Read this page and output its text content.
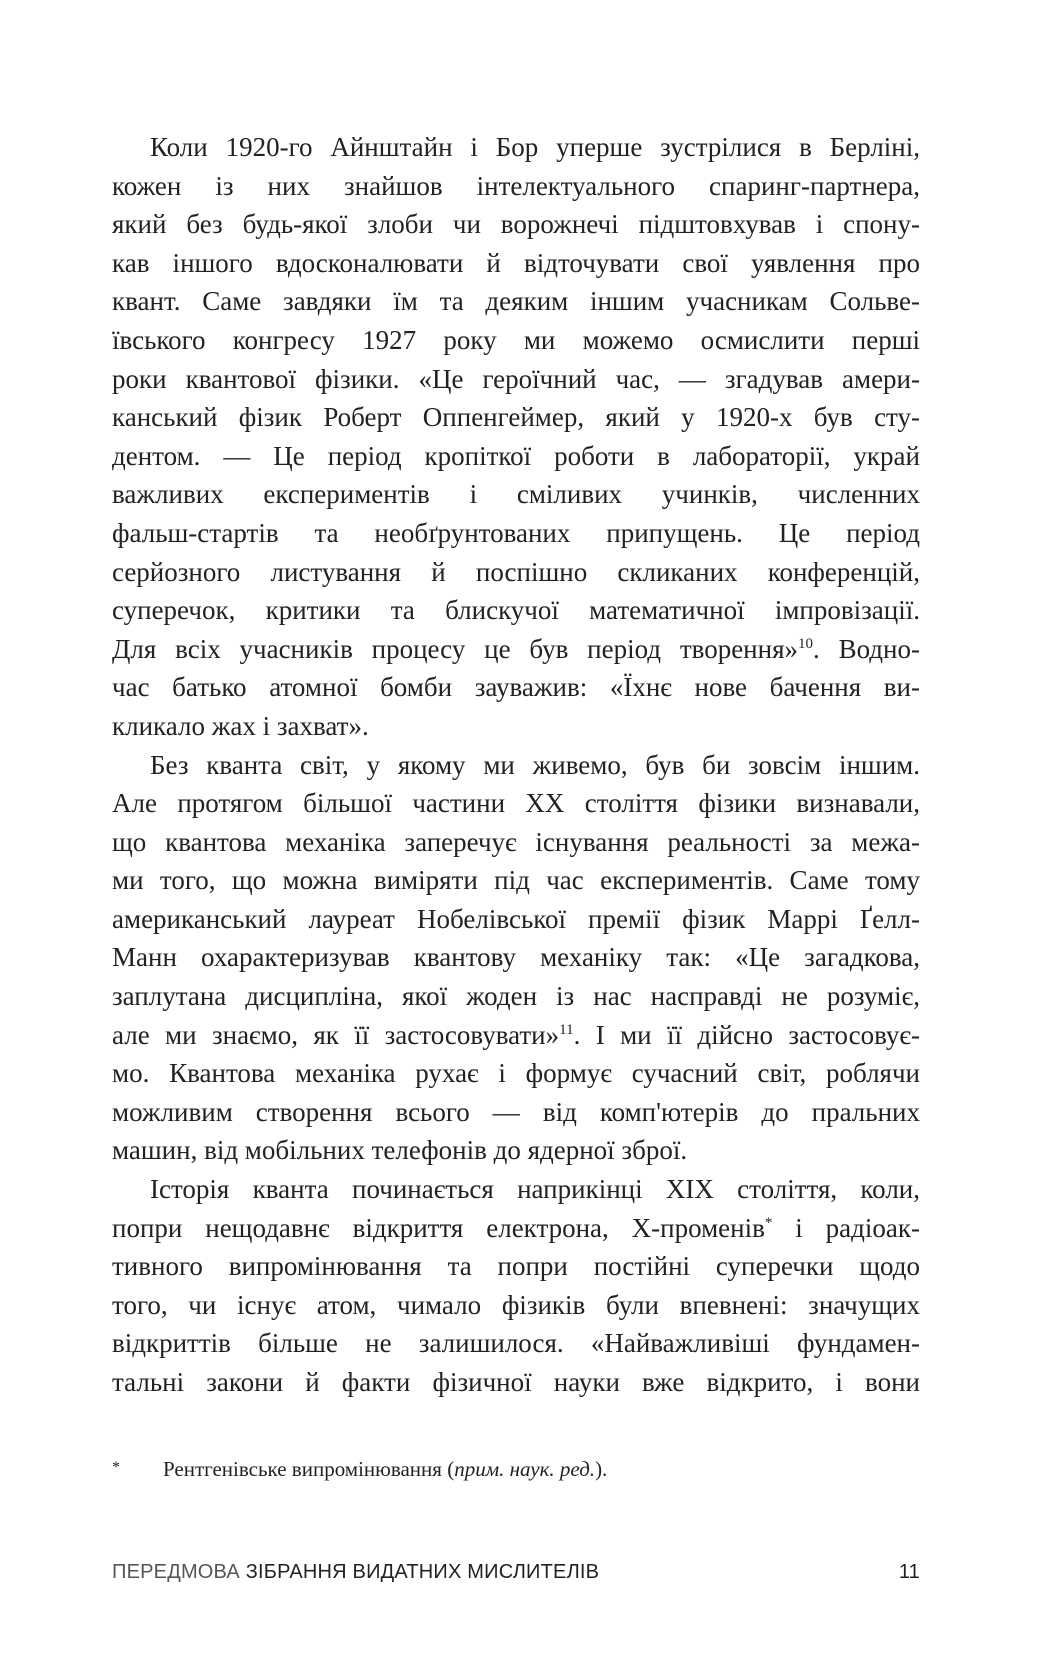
Коли 1920-го Айнштайн і Бор уперше зустрілися в Берліні,
кожен із них знайшов інтелектуального спаринг-партнера,
який без будь-якої злоби чи ворожнечі підштовхував і спону-
кав іншого вдосконалювати й відточувати свої уявлення про
квант. Саме завдяки їм та деяким іншим учасникам Сольве-
ївського конгресу 1927 року ми можемо осмислити перші
роки квантової фізики. «Це героїчний час, — згадував амери-
канський фізик Роберт Оппенгеймер, який у 1920-х був сту-
дентом. — Це період кропіткої роботи в лабораторії, украй
важливих експериментів і сміливих учинків, численних
фальш-стартів та необґрунтованих припущень. Це період
серйозного листування й поспішно скликаних конференцій,
суперечок, критики та блискучої математичної імпровізації.
Для всіх учасників процесу це був період творення»$^{10}$. Водно-
час батько атомної бомби зауважив: «Їхнє нове бачення ви-
кликало жах і захват».

Без кванта світ, у якому ми живемо, був би зовсім іншим.
Але протягом більшої частини XX століття фізики визнавали,
що квантова механіка заперечує існування реальності за межа-
ми того, що можна виміряти під час експериментів. Саме тому
американський лауреат Нобелівської премії фізик Маррі Ґелл-
Манн охарактеризував квантову механіку так: «Це загадкова,
заплутана дисципліна, якої жоден із нас насправді не розуміє,
але ми знаємо, як її застосовувати»$^{11}$. І ми її дійсно застосовує-
мо. Квантова механіка рухає і формує сучасний світ, роблячи
можливим створення всього — від комп'ютерів до пральних
машин, від мобільних телефонів до ядерної зброї.

Історія кванта починається наприкінці XIX століття, коли,
попри нещодавнє відкриття електрона, Х-променів* і радіоак-
тивного випромінювання та попри постійні суперечки щодо
того, чи існує атом, чимало фізиків були впевнені: значущих
відкриттів більше не залишилося. «Найважливіші фундамен-
тальні закони й факти фізичної науки вже відкрито, і вони

* Рентгенівське випромінювання (прим. наук. ред.).
ПЕРЕДМОВА ЗІБРАННЯ ВИДАТНИХ МИСЛИТЕЛІВ	11
